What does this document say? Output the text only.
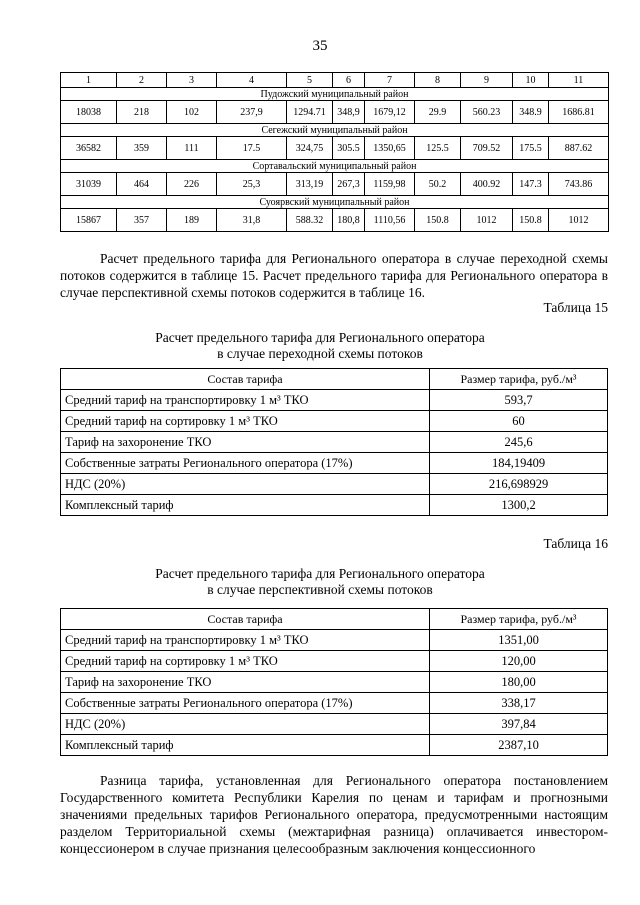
35
1	2	3	4	5	6	7	8	9	10	11
Пудожский муниципальный район										
18038	218	102	237,9	1294.71	348,9	1679,12	29.9	560.23	348.9	1686.81
Сегежский муниципальный район										
36582	359	111	17.5	324,75	305.5	1350,65	125.5	709.52	175.5	887.62
Сортавальский муниципальный район										
31039	464	226	25,3	313,19	267,3	1159,98	50.2	400.92	147.3	743.86
Суоярвский муниципальный район										
15867	357	189	31,8	588.32	180,8	1110,56	150.8	1012	150.8	1012
Расчет предельного тарифа для Регионального оператора в случае переходной схемы потоков содержится в таблице 15. Расчет предельного тарифа для Регионального оператора в случае перспективной схемы потоков содержится в таблице 16.
Таблица 15
Расчет предельного тарифа для Регионального оператора
в случае переходной схемы потоков
Состав тарифа	Размер тарифа, руб./м³
Средний тариф на транспортировку 1 м³ ТКО	593,7
Средний тариф на сортировку 1 м³ ТКО	60
Тариф на захоронение ТКО	245,6
Собственные затраты Регионального оператора (17%)	184,19409
НДС (20%)	216,698929
Комплексный тариф	1300,2
Таблица 16
Расчет предельного тарифа для Регионального оператора
в случае перспективной схемы потоков
Состав тарифа	Размер тарифа, руб./м³
Средний тариф на транспортировку 1 м³ ТКО	1351,00
Средний тариф на сортировку 1 м³ ТКО	120,00
Тариф на захоронение ТКО	180,00
Собственные затраты Регионального оператора (17%)	338,17
НДС (20%)	397,84
Комплексный тариф	2387,10
Разница тарифа, установленная для Регионального оператора постановлением Государственного комитета Республики Карелия по ценам и тарифам и прогнозными значениями предельных тарифов Регионального оператора, предусмотренными настоящим разделом Территориальной схемы (межтарифная разница) оплачивается инвестором-концессионером в случае признания целесообразным заключения концессионного
